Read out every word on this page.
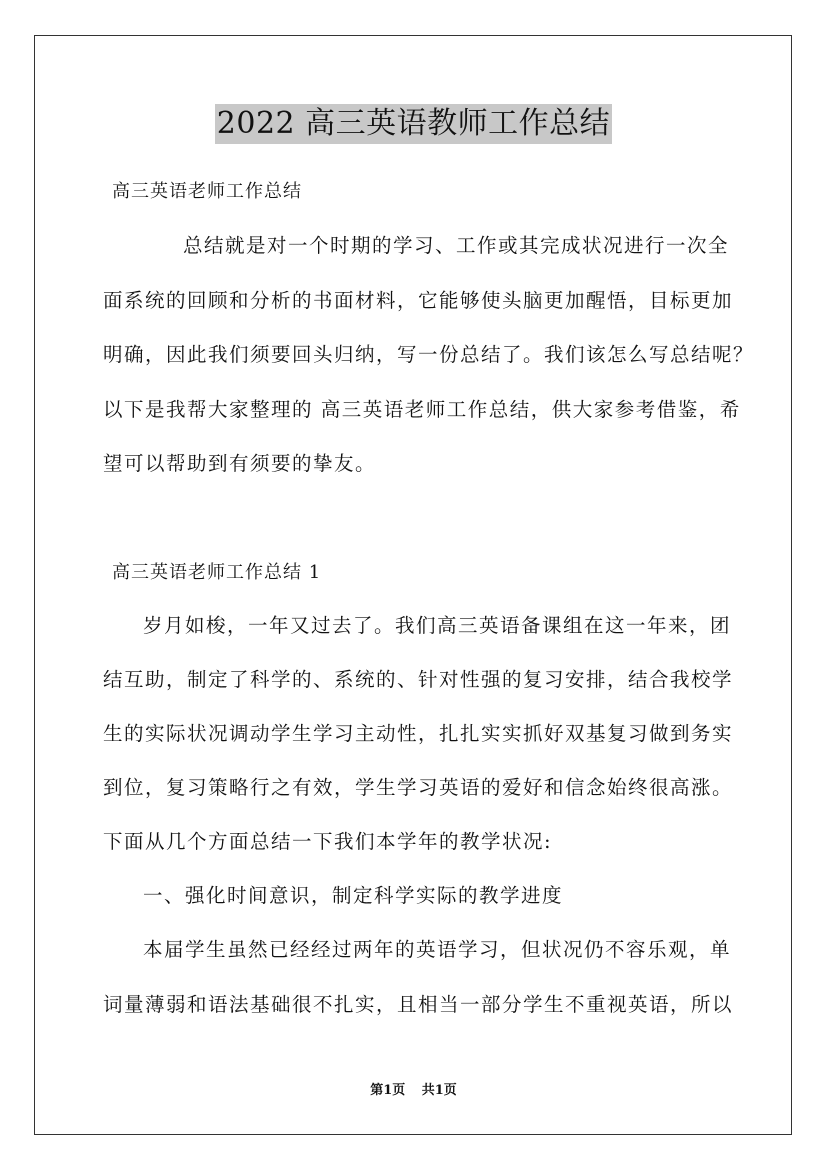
2022 高三英语教师工作总结
高三英语老师工作总结
总结就是对一个时期的学习、工作或其完成状况进行一次全
面系统的回顾和分析的书面材料，它能够使头脑更加醒悟，目标更加
明确，因此我们须要回头归纳，写一份总结了。我们该怎么写总结呢？
以下是我帮大家整理的 高三英语老师工作总结，供大家参考借鉴，希
望可以帮助到有须要的挚友。
高三英语老师工作总结 1
岁月如梭，一年又过去了。我们高三英语备课组在这一年来，团
结互助，制定了科学的、系统的、针对性强的复习安排，结合我校学
生的实际状况调动学生学习主动性，扎扎实实抓好双基复习做到务实
到位，复习策略行之有效，学生学习英语的爱好和信念始终很高涨。
下面从几个方面总结一下我们本学年的教学状况:
一、强化时间意识，制定科学实际的教学进度
本届学生虽然已经经过两年的英语学习，但状况仍不容乐观，单
词量薄弱和语法基础很不扎实，且相当一部分学生不重视英语，所以
第1页 共1页
